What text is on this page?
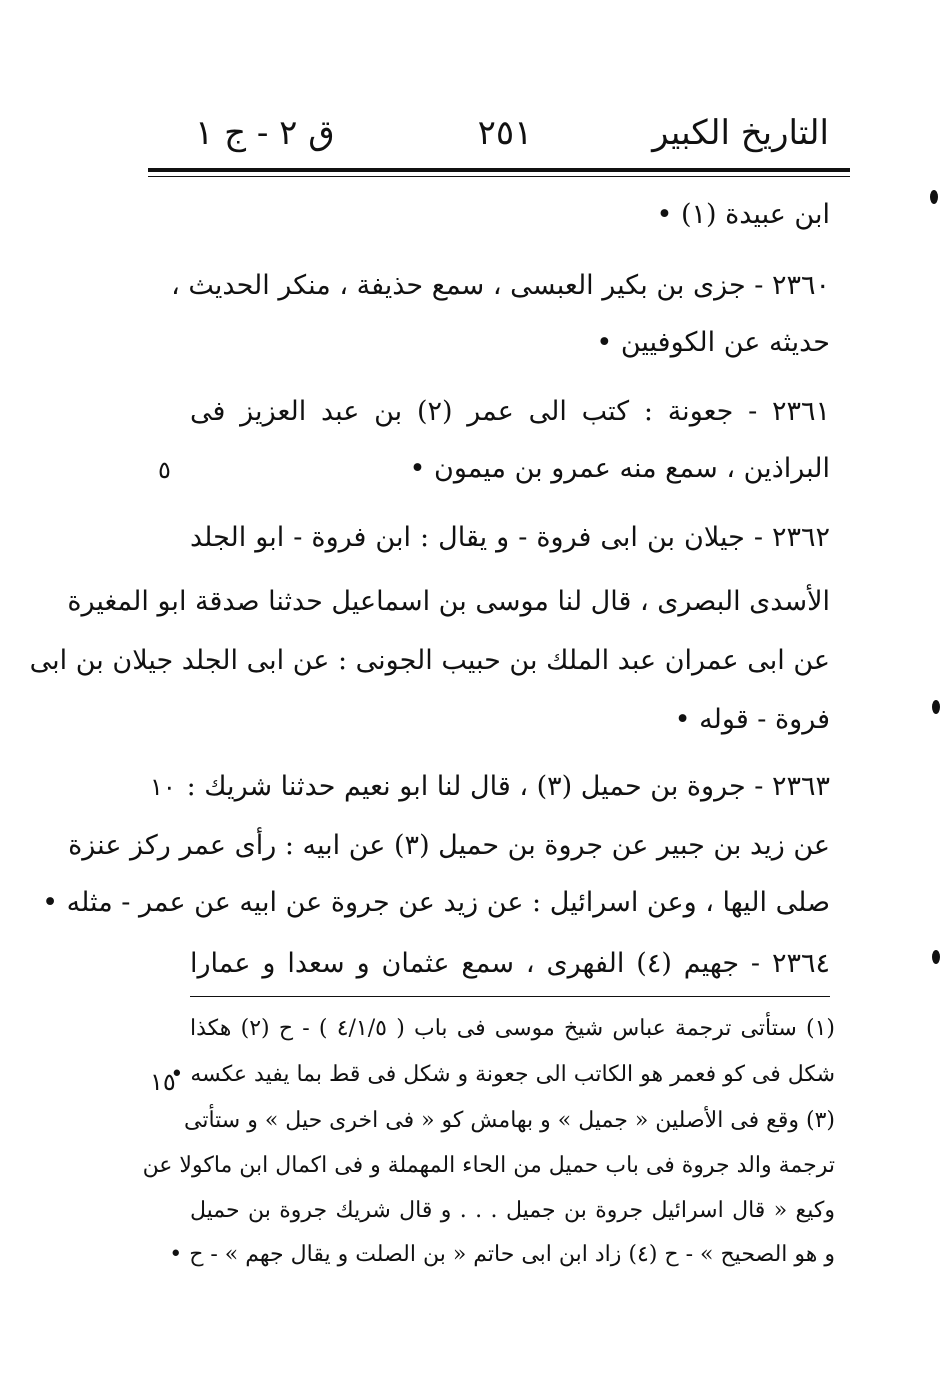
التاريخ الكبير
٢٥١
ق ٢ - ج ١
ابن عبيدة (١) •
٢٣٦٠ - جزى بن بكير العبسى ، سمع حذيفة ، منكر الحديث ،
حديثه عن الكوفيين •
٢٣٦١ - جعونة : كتب الى عمر (٢) بن عبد العزيز فى
البراذين ، سمع منه عمرو بن ميمون •
٢٣٦٢ - جيلان بن ابى فروة - و يقال : ابن فروة - ابو الجلد
الأسدى البصرى ، قال لنا موسى بن اسماعيل حدثنا صدقة ابو المغيرة
عن ابى عمران عبد الملك بن حبيب الجونى : عن ابى الجلد جيلان بن ابى
فروة - قوله •
٢٣٦٣ - جروة بن حميل (٣) ، قال لنا ابو نعيم حدثنا شريك :
عن زيد بن جبير عن جروة بن حميل (٣) عن ابيه : رأى عمر ركز عنزة
صلى اليها ، وعن اسرائيل : عن زيد عن جروة عن ابيه عن عمر - مثله •
٢٣٦٤ - جهيم (٤) الفهرى ، سمع عثمان و سعدا و عمارا
٥
١٠
١٥
(١) ستأتى ترجمة عباس شيخ موسى فى باب ( ٤/١/٥ ) - ح (٢) هكذا
شكل فى كو فعمر هو الكاتب الى جعونة و شكل فى قط بما يفيد عكسه •
(٣) وقع فى الأصلين « جميل » و بهامش كو « فى اخرى حيل » و ستأتى
ترجمة والد جروة فى باب حميل من الحاء المهملة و فى اكمال ابن ماكولا عن
وكيع « قال اسرائيل جروة بن جميل . . . و قال شريك جروة بن حميل
و هو الصحيح » - ح (٤) زاد ابن ابى حاتم « بن الصلت و يقال جهم » - ح •
